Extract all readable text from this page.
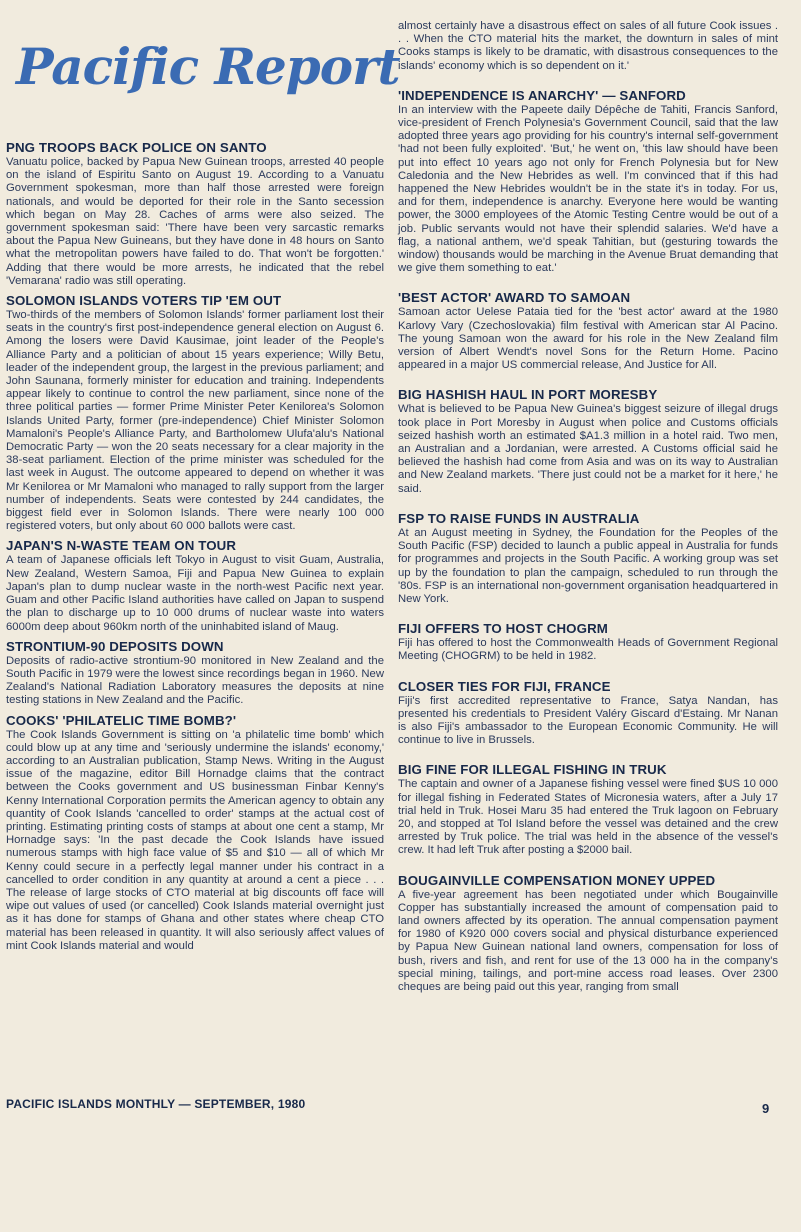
Pacific Report
PNG TROOPS BACK POLICE ON SANTO
Vanuatu police, backed by Papua New Guinean troops, arrested 40 people on the island of Espiritu Santo on August 19. According to a Vanuatu Government spokesman, more than half those arrested were foreign nationals, and would be deported for their role in the Santo secession which began on May 28. Caches of arms were also seized. The government spokesman said: 'There have been very sarcastic remarks about the Papua New Guineans, but they have done in 48 hours on Santo what the metropolitan powers have failed to do. That won't be forgotten.' Adding that there would be more arrests, he indicated that the rebel 'Vemarana' radio was still operating.
SOLOMON ISLANDS VOTERS TIP 'EM OUT
Two-thirds of the members of Solomon Islands' former parliament lost their seats in the country's first post-independence general election on August 6. Among the losers were David Kausimae, joint leader of the People's Alliance Party and a politician of about 15 years experience; Willy Betu, leader of the independent group, the largest in the previous parliament; and John Saunana, formerly minister for education and training. Independents appear likely to continue to control the new parliament, since none of the three political parties — former Prime Minister Peter Kenilorea's Solomon Islands United Party, former (pre-independence) Chief Minister Solomon Mamaloni's People's Alliance Party, and Bartholomew Ulufa'alu's National Democratic Party — won the 20 seats necessary for a clear majority in the 38-seat parliament. Election of the prime minister was scheduled for the last week in August. The outcome appeared to depend on whether it was Mr Kenilorea or Mr Mamaloni who managed to rally support from the larger number of independents. Seats were contested by 244 candidates, the biggest field ever in Solomon Islands. There were nearly 100 000 registered voters, but only about 60 000 ballots were cast.
JAPAN'S N-WASTE TEAM ON TOUR
A team of Japanese officials left Tokyo in August to visit Guam, Australia, New Zealand, Western Samoa, Fiji and Papua New Guinea to explain Japan's plan to dump nuclear waste in the north-west Pacific next year. Guam and other Pacific Island authorities have called on Japan to suspend the plan to discharge up to 10 000 drums of nuclear waste into waters 6000m deep about 960km north of the uninhabited island of Maug.
STRONTIUM-90 DEPOSITS DOWN
Deposits of radio-active strontium-90 monitored in New Zealand and the South Pacific in 1979 were the lowest since recordings began in 1960. New Zealand's National Radiation Laboratory measures the deposits at nine testing stations in New Zealand and the Pacific.
COOKS' 'PHILATELIC TIME BOMB?'
The Cook Islands Government is sitting on 'a philatelic time bomb' which could blow up at any time and 'seriously undermine the islands' economy,' according to an Australian publication, Stamp News. Writing in the August issue of the magazine, editor Bill Hornadge claims that the contract between the Cooks government and US businessman Finbar Kenny's Kenny International Corporation permits the American agency to obtain any quantity of Cook Islands 'cancelled to order' stamps at the actual cost of printing. Estimating printing costs of stamps at about one cent a stamp, Mr Hornadge says: 'In the past decade the Cook Islands have issued numerous stamps with high face value of $5 and $10 — all of which Mr Kenny could secure in a perfectly legal manner under his contract in a cancelled to order condition in any quantity at around a cent a piece . . . The release of large stocks of CTO material at big discounts off face will wipe out values of used (or cancelled) Cook Islands material overnight just as it has done for stamps of Ghana and other states where cheap CTO material has been released in quantity. It will also seriously affect values of mint Cook Islands material and would
almost certainly have a disastrous effect on sales of all future Cook issues . . . When the CTO material hits the market, the downturn in sales of mint Cooks stamps is likely to be dramatic, with disastrous consequences to the islands' economy which is so dependent on it.'
'INDEPENDENCE IS ANARCHY' — SANFORD
In an interview with the Papeete daily Dépêche de Tahiti, Francis Sanford, vice-president of French Polynesia's Government Council, said that the law adopted three years ago providing for his country's internal self-government 'had not been fully exploited'. 'But,' he went on, 'this law should have been put into effect 10 years ago not only for French Polynesia but for New Caledonia and the New Hebrides as well. I'm convinced that if this had happened the New Hebrides wouldn't be in the state it's in today. For us, and for them, independence is anarchy. Everyone here would be wanting power, the 3000 employees of the Atomic Testing Centre would be out of a job. Public servants would not have their splendid salaries. We'd have a flag, a national anthem, we'd speak Tahitian, but (gesturing towards the window) thousands would be marching in the Avenue Bruat demanding that we give them something to eat.'
'BEST ACTOR' AWARD TO SAMOAN
Samoan actor Uelese Pataia tied for the 'best actor' award at the 1980 Karlovy Vary (Czechoslovakia) film festival with American star Al Pacino. The young Samoan won the award for his role in the New Zealand film version of Albert Wendt's novel Sons for the Return Home. Pacino appeared in a major US commercial release, And Justice for All.
BIG HASHISH HAUL IN PORT MORESBY
What is believed to be Papua New Guinea's biggest seizure of illegal drugs took place in Port Moresby in August when police and Customs officials seized hashish worth an estimated $A1.3 million in a hotel raid. Two men, an Australian and a Jordanian, were arrested. A Customs official said he believed the hashish had come from Asia and was on its way to Australian and New Zealand markets. 'There just could not be a market for it here,' he said.
FSP TO RAISE FUNDS IN AUSTRALIA
At an August meeting in Sydney, the Foundation for the Peoples of the South Pacific (FSP) decided to launch a public appeal in Australia for funds for programmes and projects in the South Pacific. A working group was set up by the foundation to plan the campaign, scheduled to run through the '80s. FSP is an international non-government organisation headquartered in New York.
FIJI OFFERS TO HOST CHOGRM
Fiji has offered to host the Commonwealth Heads of Government Regional Meeting (CHOGRM) to be held in 1982.
CLOSER TIES FOR FIJI, FRANCE
Fiji's first accredited representative to France, Satya Nandan, has presented his credentials to President Valéry Giscard d'Estaing. Mr Nanan is also Fiji's ambassador to the European Economic Community. He will continue to live in Brussels.
BIG FINE FOR ILLEGAL FISHING IN TRUK
The captain and owner of a Japanese fishing vessel were fined $US 10 000 for illegal fishing in Federated States of Micronesia waters, after a July 17 trial held in Truk. Hosei Maru 35 had entered the Truk lagoon on February 20, and stopped at Tol Island before the vessel was detained and the crew arrested by Truk police. The trial was held in the absence of the vessel's crew. It had left Truk after posting a $2000 bail.
BOUGAINVILLE COMPENSATION MONEY UPPED
A five-year agreement has been negotiated under which Bougainville Copper has substantially increased the amount of compensation paid to land owners affected by its operation. The annual compensation payment for 1980 of K920 000 covers social and physical disturbance experienced by Papua New Guinean national land owners, compensation for loss of bush, rivers and fish, and rent for use of the 13 000 ha in the company's special mining, tailings, and port-mine access road leases. Over 2300 cheques are being paid out this year, ranging from small
PACIFIC ISLANDS MONTHLY — SEPTEMBER, 1980	9
